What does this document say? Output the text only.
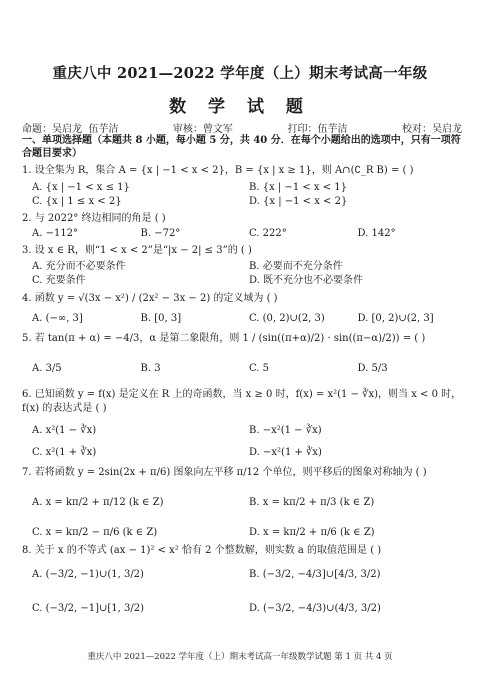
重庆八中 2021—2022 学年度（上）期末考试高一年级
数 学 试 题
命题：吴启龙  伍芋洁	审核：曾文军	打印：伍芋洁	校对：吴启龙
一、单项选择题（本题共 8 小题，每小题 5 分，共 40 分．在每个小题给出的选项中，只有一项符合题目要求）
1. 设全集为 R，集合 A = {x | −1 < x < 2}，B = {x | x ≥ 1}，则 A∩(∁_R B) = ( )
A. {x | −1 < x ≤ 1}	B. {x | −1 < x < 1}
C. {x | 1 ≤ x < 2}	D. {x | −1 < x < 2}
2. 与 2022° 终边相同的角是 ( )
A. −112°	B. −72°	C. 222°	D. 142°
3. 设 x ∈ R，则“1 < x < 2”是“|x − 2| ≤ 3”的 ( )
A. 充分而不必要条件	B. 必要而不充分条件
C. 充要条件	D. 既不充分也不必要条件
4. 函数 y = √(3x − x²) / (2x² − 3x − 2) 的定义域为 ( )
A. (−∞, 3]	B. [0, 3]	C. (0, 2)∪(2, 3)	D. [0, 2)∪(2, 3]
5. 若 tan(π + α) = −4/3，α 是第二象限角，则 1 / (sin((π+α)/2) · sin((π−α)/2)) = ( )
A. 3/5	B. 3	C. 5	D. 5/3
6. 已知函数 y = f(x) 是定义在 R 上的奇函数，当 x ≥ 0 时，f(x) = x²(1 − ∛x)，则当 x < 0 时，f(x) 的表达式是 ( )
A. x²(1 − ∛x)	B. −x²(1 − ∛x)
C. x²(1 + ∛x)	D. −x²(1 + ∛x)
7. 若将函数 y = 2sin(2x + π/6) 图象向左平移 π/12 个单位，则平移后的图象对称轴为 ( )
A. x = kπ/2 + π/12 (k ∈ Z)	B. x = kπ/2 + π/3 (k ∈ Z)
C. x = kπ/2 − π/6 (k ∈ Z)	D. x = kπ/2 + π/6 (k ∈ Z)
8. 关于 x 的不等式 (ax − 1)² < x² 恰有 2 个整数解，则实数 a 的取值范围是 ( )
A. (−3/2, −1)∪(1, 3/2)	B. (−3/2, −4/3]∪[4/3, 3/2)
C. (−3/2, −1]∪[1, 3/2)	D. (−3/2, −4/3)∪(4/3, 3/2)
重庆八中 2021—2022 学年度（上）期末考试高一年级数学试题 第 1 页 共 4 页
